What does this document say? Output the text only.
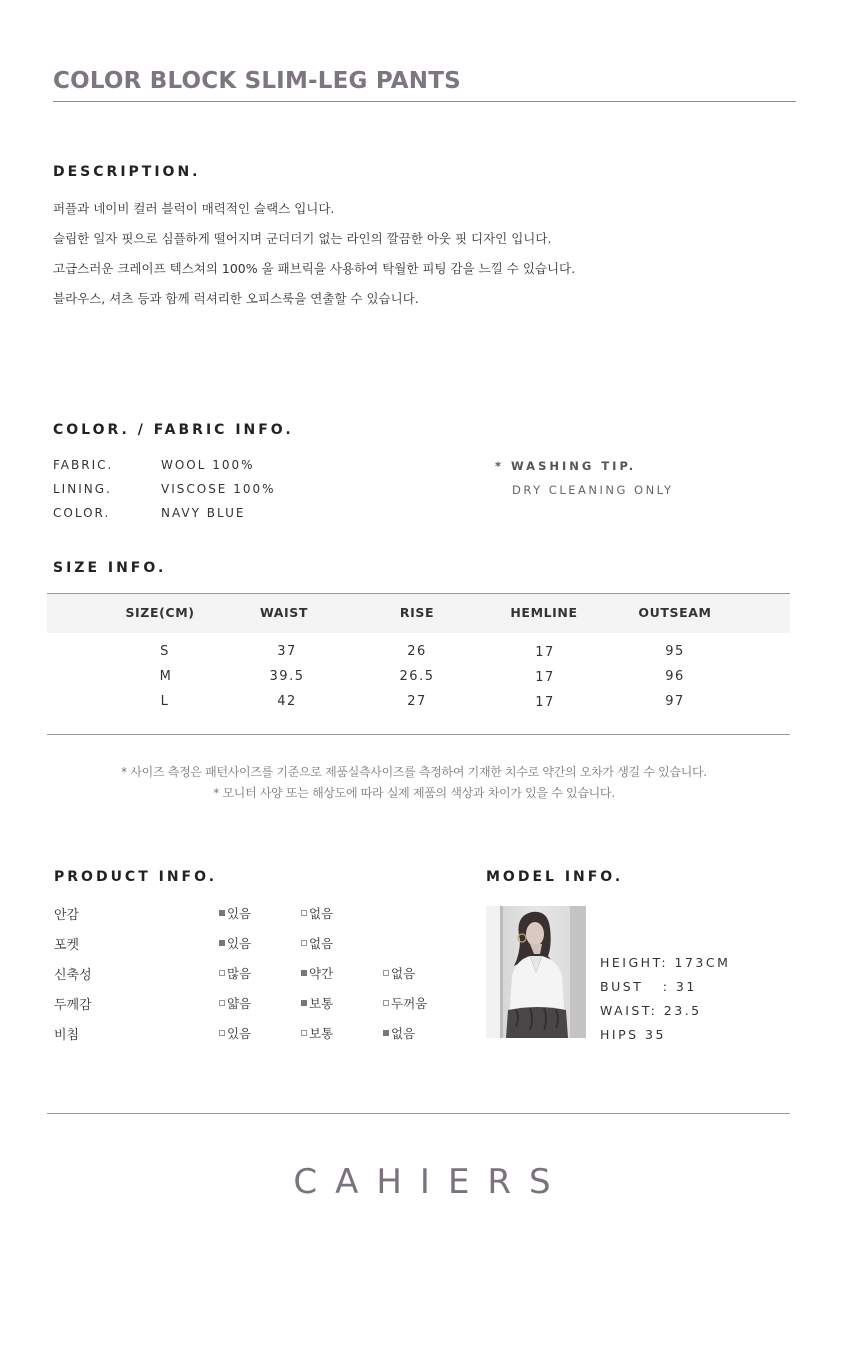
COLOR BLOCK SLIM-LEG PANTS
DESCRIPTION.
퍼플과 네이비 컬러 블럭이 매력적인 슬랙스 입니다.
슬림한 일자 핏으로 심플하게 떨어지며 군더더기 없는 라인의 깔끔한 아웃 핏 디자인 입니다.
고급스러운 크레이프 텍스쳐의 100% 울 패브릭을 사용하여 탁월한 피팅 감을 느낄 수 있습니다.
블라우스, 셔츠 등과 함께 럭셔리한 오피스룩을 연출할 수 있습니다.
COLOR. / FABRIC INFO.
FABRIC.	WOOL 100%
LINING.	VISCOSE 100%
COLOR.	NAVY BLUE
* WASHING TIP.
DRY CLEANING ONLY
SIZE INFO.
SIZE(CM)	WAIST	RISE	HEMLINE	OUTSEAM
S	37	26	17	95
M	39.5	26.5	17	96
L	42	27	17	97
* 사이즈 측정은 패턴사이즈를 기준으로 제품실측사이즈를 측정하여 기재한 치수로 약간의 오차가 생길 수 있습니다.
* 모니터 사양 또는 해상도에 따라 실제 제품의 색상과 차이가 있을 수 있습니다.
PRODUCT INFO.
안감	있음	없음
포켓	있음	없음
신축성	많음	약간	없음
두께감	얇음	보통	두꺼움
비침	있음	보통	없음
MODEL INFO.
HEIGHT: 173CM
BUST   : 31
WAIST: 23.5
HIPS 35
CAHIERS
